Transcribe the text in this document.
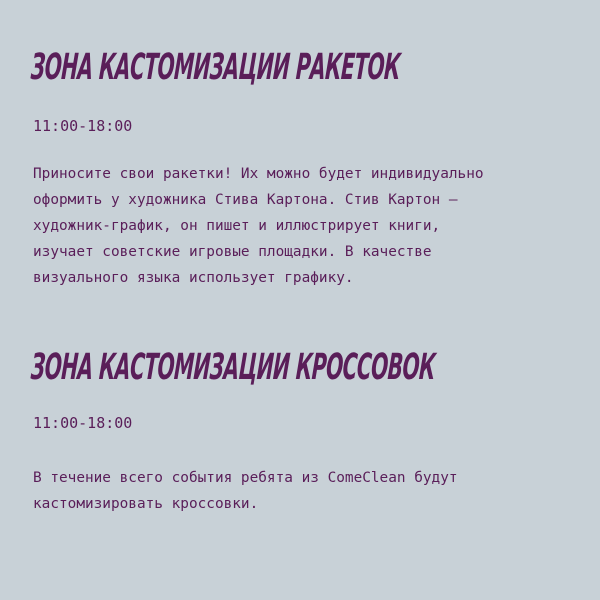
ЗОНА КАСТОМИЗАЦИИ РАКЕТОК

11:00-18:00

Приносите свои ракетки! Их можно будет индивидуально
оформить у художника Стива Картона. Стив Картон –
художник-график, он пишет и иллюстрирует книги,
изучает советские игровые площадки. В качестве
визуального языка использует графику.

ЗОНА КАСТОМИЗАЦИИ КРОССОВОК

11:00-18:00

В течение всего события ребята из ComeClean будут
кастомизировать кроссовки.
